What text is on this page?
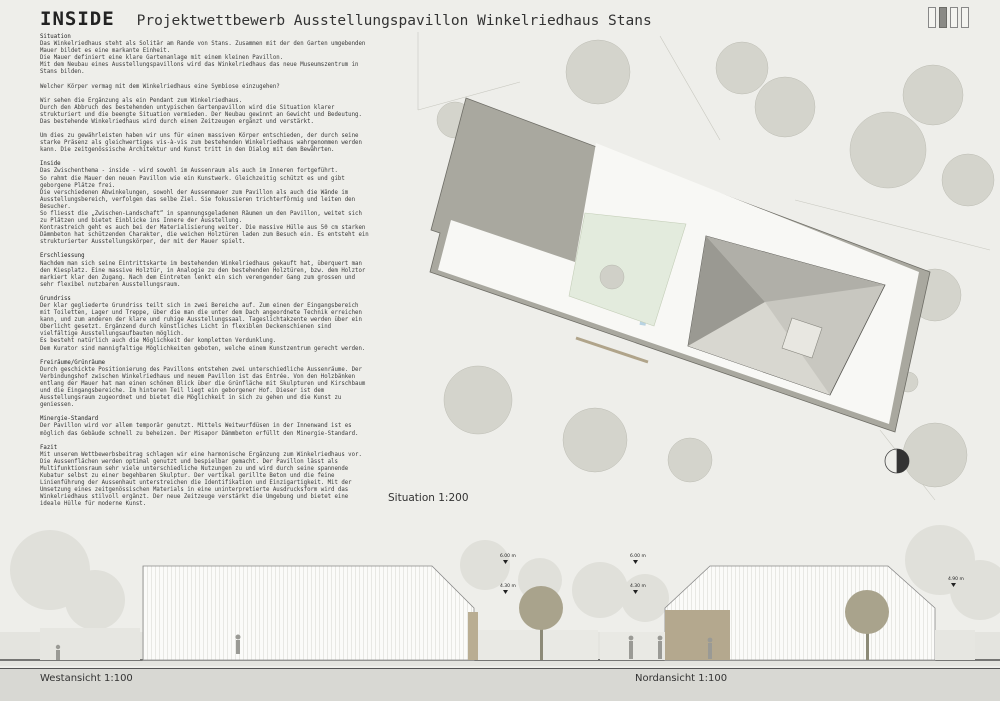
INSIDE Projektwettbewerb Ausstellungspavillon Winkelriedhaus Stans
Situation

Das Winkelriedhaus steht als Solitär am Rande von Stans. Zusammen mit der den Garten umgebenden Mauer bildet es eine markante Einheit.

Die Mauer definiert eine klare Gartenanlage mit einem kleinen Pavillon.

Mit dem Neubau eines Ausstellungspavillons wird das Winkelriedhaus das neue Museumszentrum in Stans bilden.

Welcher Körper vermag mit dem Winkelriedhaus eine Symbiose einzugehen?

Wir sehen die Ergänzung als ein Pendant zum Winkelriedhaus.

Durch den Abbruch des bestehenden untypischen Gartenpavillon wird die Situation klarer strukturiert und die beengte Situation vermieden. Der Neubau gewinnt an Gewicht und Bedeutung. Das bestehende Winkelriedhaus wird durch einen Zeitzeugen ergänzt und verstärkt.

Um dies zu gewährleisten haben wir uns für einen massiven Körper entschieden, der durch seine starke Präsenz als gleichwertiges vis-à-vis zum bestehenden Winkelriedhaus wahrgenommen werden kann. Die zeitgenössische Architektur und Kunst tritt in den Dialog mit dem Bewährten.

Inside

Das Zwischenthema - inside - wird sowohl im Aussenraum als auch im Inneren fortgeführt.

So rahmt die Mauer den neuen Pavillon wie ein Kunstwerk. Gleichzeitig schützt es und gibt geborgene Plätze frei.

Die verschiedenen Abwinkelungen, sowohl der Aussenmauer zum Pavillon als auch die Wände im Ausstellungsbereich, verfolgen das selbe Ziel. Sie fokussieren trichterförmig und leiten den Besucher.

So fliesst die „Zwischen-Landschaft“ in spannungsgeladenen Räumen um den Pavillon, weitet sich zu Plätzen und bietet Einblicke ins Innere der Ausstellung.

Kontrastreich geht es auch bei der Materialisierung weiter. Die massive Hülle aus 50 cm starken Dämmbeton hat schützenden Charakter, die weichen Holztüren laden zum Besuch ein. Es entsteht ein strukturierter Ausstellungskörper, der mit der Mauer spielt.

Erschliessung

Nachdem man sich seine Eintrittskarte im bestehenden Winkelriedhaus gekauft hat, überquert man den Kiesplatz. Eine massive Holztür, in Analogie zu den bestehenden Holztüren, bzw. dem Holztor markiert klar den Zugang. Nach dem Eintreten lenkt ein sich verengender Gang zum grossen und sehr flexibel nutzbaren Ausstellungsraum.

Grundriss

Der klar gegliederte Grundriss teilt sich in zwei Bereiche auf. Zum einen der Eingangsbereich mit Toiletten, Lager und Treppe, über die man die unter dem Dach angeordnete Technik erreichen kann, und zum anderen der klare und ruhige Ausstellungssaal. Tageslichtakzente werden über ein Oberlicht gesetzt. Ergänzend durch künstliches Licht in flexiblen Deckenschienen sind vielfältige Ausstellungsaufbauten möglich.

Es besteht natürlich auch die Möglichkeit der kompletten Verdunklung.

Dem Kurator sind mannigfaltige Möglichkeiten geboten, welche einem Kunstzentrum gerecht werden.

Freiräume/Grünräume

Durch geschickte Positionierung des Pavillons entstehen zwei unterschiedliche Aussenräume. Der Verbindungshof zwischen Winkelriedhaus und neuem Pavillon ist das Entrée. Von den Holzbänken entlang der Mauer hat man einen schönen Blick über die Grünfläche mit Skulpturen und Kirschbaum und die Eingangsbereiche. Im hinteren Teil liegt ein geborgener Hof. Dieser ist dem Ausstellungsraum zugeordnet und bietet die Möglichkeit in sich zu gehen und die Kunst zu geniessen.

Minergie-Standard

Der Pavillon wird vor allem temporär genutzt. Mittels Weitwurfdüsen in der Innenwand ist es möglich das Gebäude schnell zu beheizen. Der Misapor Dämmbeton erfüllt den Minergie-Standard.

Fazit

Mit unserem Wettbewerbsbeitrag schlagen wir eine harmonische Ergänzung zum Winkelriedhaus vor. Die Aussenflächen werden optimal genutzt und bespielbar gemacht. Der Pavillon lässt als Multifunktionsraum sehr viele unterschiedliche Nutzungen zu und wird durch seine spannende Kubatur selbst zu einer begehbaren Skulptur. Der vertikal gerillte Beton und die feine Linienführung der Aussenhaut unterstreichen die Identifikation und Einzigartigkeit. Mit der Umsetzung eines zeitgenössischen Materials in eine uninterpretierte Ausdrucksform wird das Winkelriedhaus stilvoll ergänzt. Der neue Zeitzeuge verstärkt die Umgebung und bietet eine ideale Hülle für moderne Kunst.

6.00 m
4.30 m
6.00 m
4.30 m
4.90 m
Situation 1:200
Westansicht 1:100	Nordansicht 1:100
